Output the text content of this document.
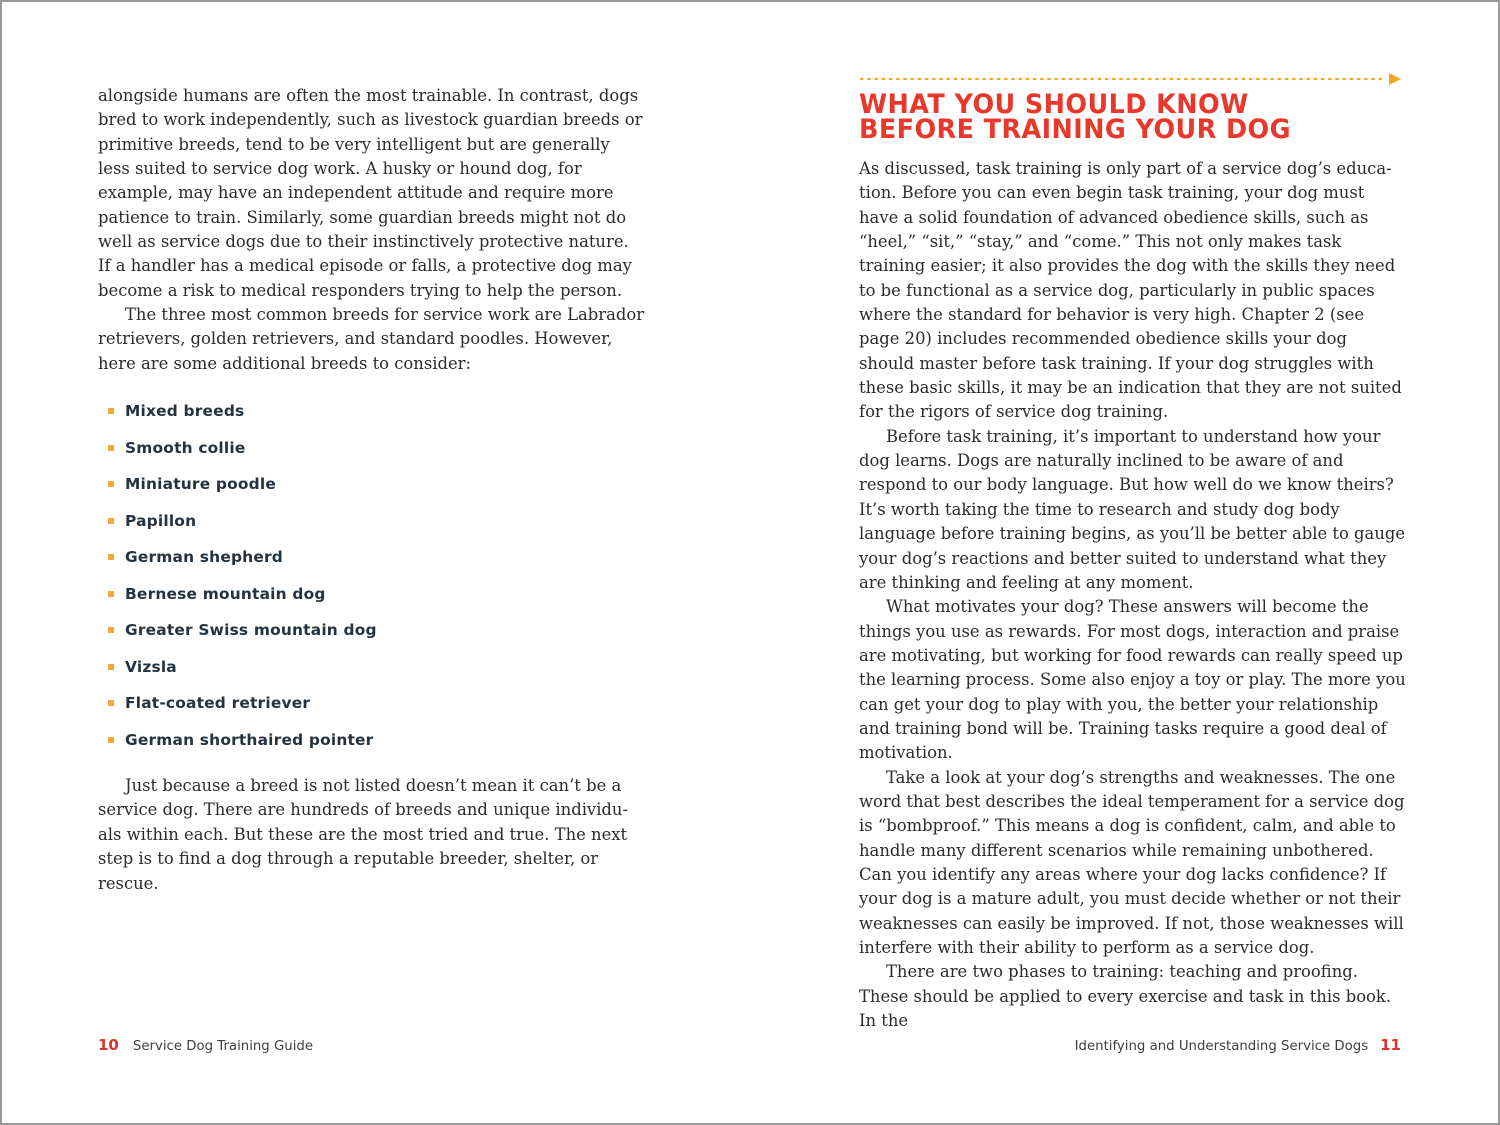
alongside humans are often the most trainable. In contrast, dogs bred to work independently, such as livestock guardian breeds or primitive breeds, tend to be very intelligent but are generally less suited to service dog work. A husky or hound dog, for example, may have an independent attitude and require more patience to train. Similarly, some guardian breeds might not do well as service dogs due to their instinctively protective nature. If a handler has a medical episode or falls, a protective dog may become a risk to medical responders trying to help the person.

The three most common breeds for service work are Labrador retrievers, golden retrievers, and standard poodles. However, here are some additional breeds to consider:

Mixed breeds
Smooth collie
Miniature poodle
Papillon
German shepherd
Bernese mountain dog
Greater Swiss mountain dog
Vizsla
Flat-coated retriever
German shorthaired pointer

Just because a breed is not listed doesn’t mean it can’t be a service dog. There are hundreds of breeds and unique individu-als within each. But these are the most tried and true. The next step is to find a dog through a reputable breeder, shelter, or rescue.

10 Service Dog Training Guide
WHAT YOU SHOULD KNOW
BEFORE TRAINING YOUR DOG

As discussed, task training is only part of a service dog’s educa-tion. Before you can even begin task training, your dog must have a solid foundation of advanced obedience skills, such as “heel,” “sit,” “stay,” and “come.” This not only makes task training easier; it also provides the dog with the skills they need to be functional as a service dog, particularly in public spaces where the standard for behavior is very high. Chapter 2 (see page 20) includes recommended obedience skills your dog should master before task training. If your dog struggles with these basic skills, it may be an indication that they are not suited for the rigors of service dog training.

Before task training, it’s important to understand how your dog learns. Dogs are naturally inclined to be aware of and respond to our body language. But how well do we know theirs? It’s worth taking the time to research and study dog body language before training begins, as you’ll be better able to gauge your dog’s reactions and better suited to understand what they are thinking and feeling at any moment.

What motivates your dog? These answers will become the things you use as rewards. For most dogs, interaction and praise are motivating, but working for food rewards can really speed up the learning process. Some also enjoy a toy or play. The more you can get your dog to play with you, the better your relationship and training bond will be. Training tasks require a good deal of motivation.

Take a look at your dog’s strengths and weaknesses. The one word that best describes the ideal temperament for a service dog is “bombproof.” This means a dog is confident, calm, and able to handle many different scenarios while remaining unbothered. Can you identify any areas where your dog lacks confidence? If your dog is a mature adult, you must decide whether or not their weaknesses can easily be improved. If not, those weaknesses will interfere with their ability to perform as a service dog.

There are two phases to training: teaching and proofing. These should be applied to every exercise and task in this book. In the

Identifying and Understanding Service Dogs 11
